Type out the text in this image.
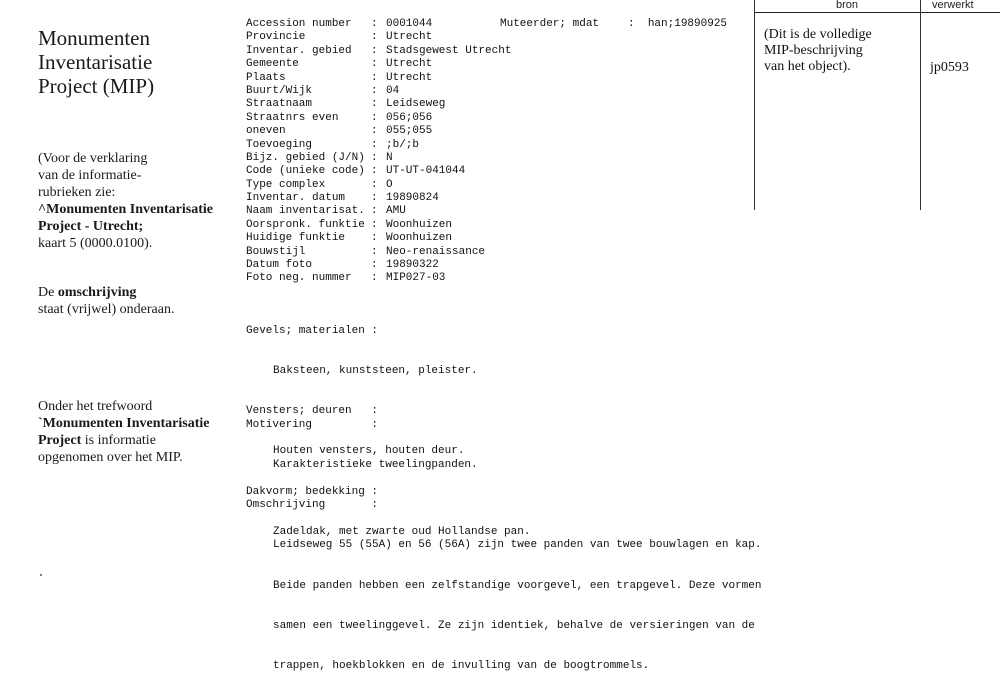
Monumenten
Inventarisatie
Project (MIP)
(Voor de verklaring
van de informatie-
rubrieken zie:
^Monumenten Inventarisatie
Project - Utrecht;
kaart 5 (0000.0100).
De omschrijving
staat (vrijwel) onderaan.
Onder het trefwoord
`Monumenten Inventarisatie
Project is informatie
opgenomen over het MIP.
Accession number	: 0001044
Provincie	: Utrecht
Inventar. gebied	: Stadsgewest Utrecht
Gemeente	: Utrecht
Plaats	: Utrecht
Buurt/Wijk	: 04
Straatnaam	: Leidseweg
Straatnrs even	: 056;056
oneven	: 055;055
Toevoeging	: ;b/;b
Bijz. gebied (J/N) : N
Code (unieke code) : UT-UT-041044
Type complex	: O
Inventar. datum	: 19890824
Naam inventarisat. : AMU
Oorspronk. funktie : Woonhuizen
Huidige funktie	: Woonhuizen
Bouwstijl	: Neo-renaissance
Datum foto	: 19890322
Foto neg. nummer	: MIP027-03
Muteerder; mdat	:  han;19890925

Gevels; materialen :

Baksteen, kunststeen, pleister.

Vensters; deuren   :

Houten vensters, houten deur.

Dakvorm; bedekking :

Zadeldak, met zwarte oud Hollandse pan.

Motivering         :

Karakteristieke tweelingpanden.

Omschrijving       :

Leidseweg 55 (55A) en 56 (56A) zijn twee panden van twee bouwlagen en kap.

Beide panden hebben een zelfstandige voorgevel, een trapgevel. Deze vormen

samen een tweelinggevel. Ze zijn identiek, behalve de versieringen van de

trappen, hoekblokken en de invulling van de boogtrommels.

bron	verwerkt
(Dit is de volledige
MIP-beschrijving
van het object).	jp0593
